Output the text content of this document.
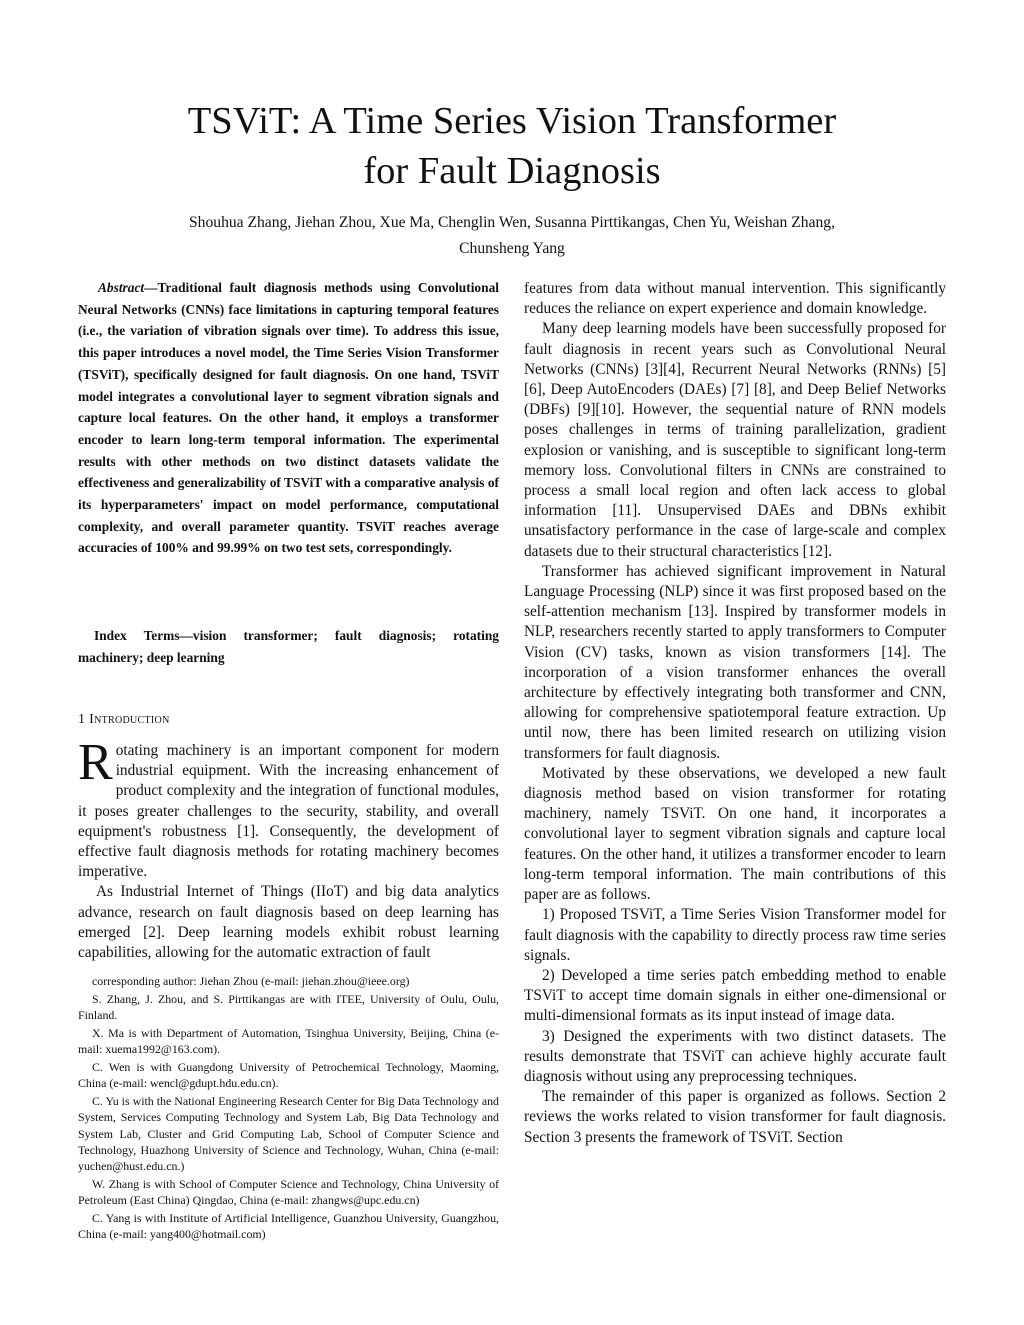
TSViT: A Time Series Vision Transformer
for Fault Diagnosis

Shouhua Zhang, Jiehan Zhou, Xue Ma, Chenglin Wen, Susanna Pirttikangas, Chen Yu, Weishan Zhang,
Chunsheng Yang

Abstract—Traditional fault diagnosis methods using Convolutional Neural Networks (CNNs) face limitations in capturing temporal features (i.e., the variation of vibration signals over time). To address this issue, this paper introduces a novel model, the Time Series Vision Transformer (TSViT), specifically designed for fault diagnosis. On one hand, TSViT model integrates a convolutional layer to segment vibration signals and capture local features. On the other hand, it employs a transformer encoder to learn long-term temporal information. The experimental results with other methods on two distinct datasets validate the effectiveness and generalizability of TSViT with a comparative analysis of its hyperparameters' impact on model performance, computational complexity, and overall parameter quantity. TSViT reaches average accuracies of 100% and 99.99% on two test sets, correspondingly.

Index Terms—vision transformer; fault diagnosis; rotating machinery; deep learning

1 Introduction

Rotating machinery is an important component for modern industrial equipment. With the increasing enhancement of product complexity and the integration of functional modules, it poses greater challenges to the security, stability, and overall equipment's robustness [1]. Consequently, the development of effective fault diagnosis methods for rotating machinery becomes imperative.

As Industrial Internet of Things (IIoT) and big data analytics advance, research on fault diagnosis based on deep learning has emerged [2]. Deep learning models exhibit robust learning capabilities, allowing for the automatic extraction of fault

corresponding author: Jiehan Zhou (e-mail: jiehan.zhou@ieee.org)

S. Zhang, J. Zhou, and S. Pirttikangas are with ITEE, University of Oulu, Oulu, Finland.

X. Ma is with Department of Automation, Tsinghua University, Beijing, China (e-mail: xuema1992@163.com).

C. Wen is with Guangdong University of Petrochemical Technology, Maoming, China (e-mail: wencl@gdupt.hdu.edu.cn).

C. Yu is with the National Engineering Research Center for Big Data Technology and System, Services Computing Technology and System Lab, Big Data Technology and System Lab, Cluster and Grid Computing Lab, School of Computer Science and Technology, Huazhong University of Science and Technology, Wuhan, China (e-mail: yuchen@hust.edu.cn.)

W. Zhang is with School of Computer Science and Technology, China University of Petroleum (East China) Qingdao, China (e-mail: zhangws@upc.edu.cn)

C. Yang is with Institute of Artificial Intelligence, Guanzhou University, Guangzhou, China (e-mail: yang400@hotmail.com)

features from data without manual intervention. This significantly reduces the reliance on expert experience and domain knowledge.

Many deep learning models have been successfully proposed for fault diagnosis in recent years such as Convolutional Neural Networks (CNNs) [3][4], Recurrent Neural Networks (RNNs) [5][6], Deep AutoEncoders (DAEs) [7] [8], and Deep Belief Networks (DBFs) [9][10]. However, the sequential nature of RNN models poses challenges in terms of training parallelization, gradient explosion or vanishing, and is susceptible to significant long-term memory loss. Convolutional filters in CNNs are constrained to process a small local region and often lack access to global information [11]. Unsupervised DAEs and DBNs exhibit unsatisfactory performance in the case of large-scale and complex datasets due to their structural characteristics [12].

Transformer has achieved significant improvement in Natural Language Processing (NLP) since it was first proposed based on the self-attention mechanism [13]. Inspired by transformer models in NLP, researchers recently started to apply transformers to Computer Vision (CV) tasks, known as vision transformers [14]. The incorporation of a vision transformer enhances the overall architecture by effectively integrating both transformer and CNN, allowing for comprehensive spatiotemporal feature extraction. Up until now, there has been limited research on utilizing vision transformers for fault diagnosis.

Motivated by these observations, we developed a new fault diagnosis method based on vision transformer for rotating machinery, namely TSViT. On one hand, it incorporates a convolutional layer to segment vibration signals and capture local features. On the other hand, it utilizes a transformer encoder to learn long-term temporal information. The main contributions of this paper are as follows.

1) Proposed TSViT, a Time Series Vision Transformer model for fault diagnosis with the capability to directly process raw time series signals.

2) Developed a time series patch embedding method to enable TSViT to accept time domain signals in either one-dimensional or multi-dimensional formats as its input instead of image data.

3) Designed the experiments with two distinct datasets. The results demonstrate that TSViT can achieve highly accurate fault diagnosis without using any preprocessing techniques.

The remainder of this paper is organized as follows. Section 2 reviews the works related to vision transformer for fault diagnosis. Section 3 presents the framework of TSViT. Section
